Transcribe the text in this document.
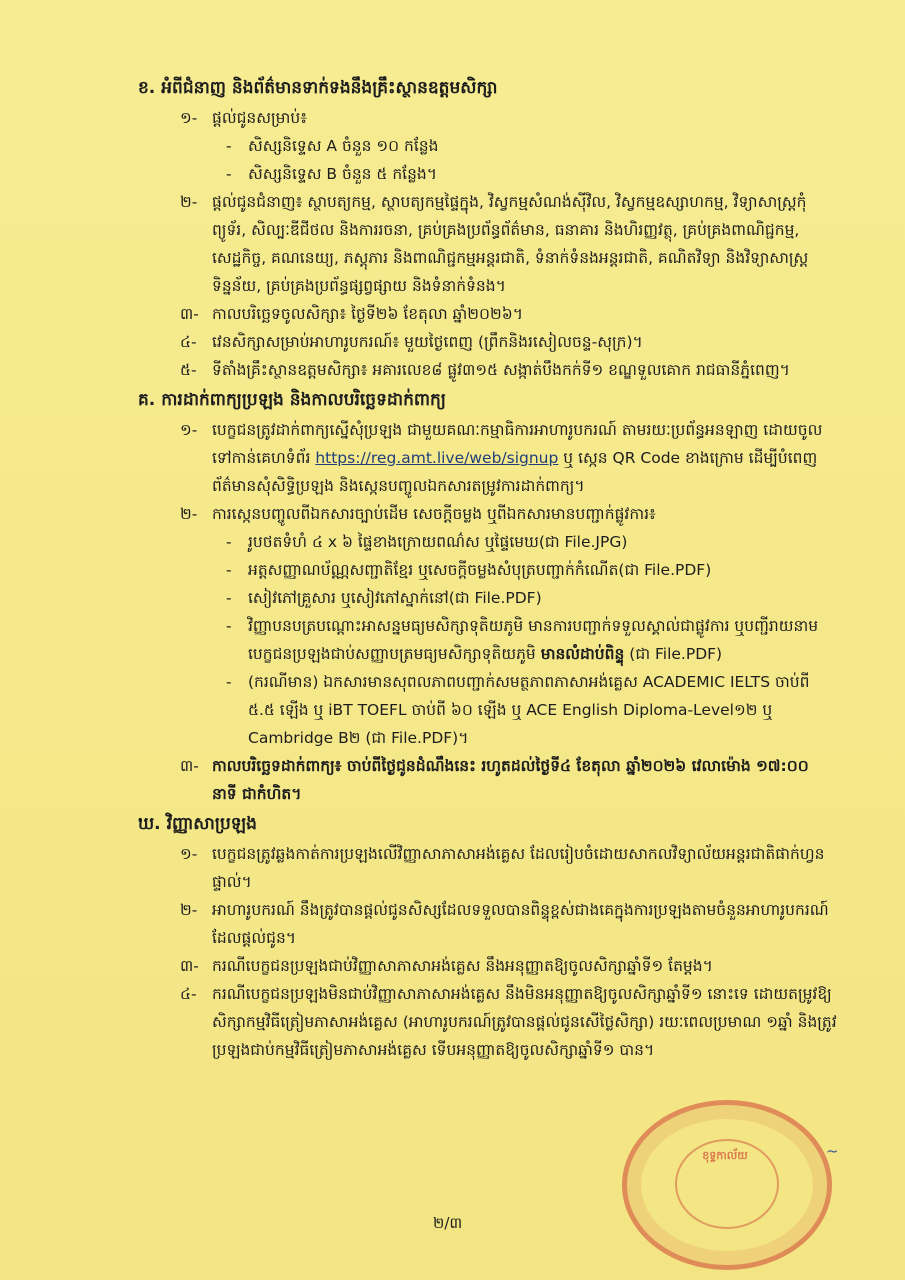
ខ. អំពីជំនាញ និងព័ត៌មានទាក់ទងនឹងគ្រឹះស្ថានឧត្តមសិក្សា
១- ផ្តល់ជូនសម្រាប់៖
-	សិស្សនិទ្ទេស A ចំនួន ១០ កន្លែង
-	សិស្សនិទ្ទេស B ចំនួន ៥ កន្លែង។
២- ផ្តល់ជូនជំនាញ៖ ស្ថាបត្យកម្ម, ស្ថាបត្យកម្មផ្ទៃក្នុង, វិស្វកម្មសំណង់ស៊ីវិល, វិស្វកម្មឧស្សាហកម្ម, វិទ្យាសាស្ត្រកុំព្យូទ័រ, សិល្បៈឌីជីថល និងការរចនា, គ្រប់គ្រងប្រព័ន្ធព័ត៌មាន, ធនាគារ និងហិរញ្ញវត្ថុ, គ្រប់គ្រងពាណិជ្ជកម្ម, សេដ្ឋកិច្ច, គណនេយ្យ, ភស្តុភារ និងពាណិជ្ជកម្មអន្តរជាតិ, ទំនាក់ទំនងអន្តរជាតិ, គណិតវិទ្យា និងវិទ្យាសាស្ត្រទិន្នន័យ, គ្រប់គ្រងប្រព័ន្ធផ្សព្វផ្សាយ និងទំនាក់ទំនង។
៣- កាលបរិច្ឆេទចូលសិក្សា៖ ថ្ងៃទី២៦ ខែតុលា ឆ្នាំ២០២៦។
៤- វេនសិក្សាសម្រាប់អាហារូបករណ៍៖ មួយថ្ងៃពេញ (ព្រឹកនិងរសៀលចន្ទ-សុក្រ)។
៥- ទីតាំងគ្រឹះស្ថានឧត្តមសិក្សា៖ អគារលេខ៨ ផ្លូវ៣១៥ សង្កាត់បឹងកក់ទី១ ខណ្ឌទួលគោក រាជធានីភ្នំពេញ។
គ. ការដាក់ពាក្យប្រឡង និងកាលបរិច្ឆេទដាក់ពាក្យ
១- បេក្ខជនត្រូវដាក់ពាក្យស្នើសុំប្រឡង ជាមួយគណៈកម្មាធិការអាហារូបករណ៍ តាមរយៈប្រព័ន្ធអនឡាញ ដោយចូលទៅកាន់គេហទំព័រ https://reg.amt.live/web/signup ឬ ស្កេន QR Code ខាងក្រោម ដើម្បីបំពេញព័ត៌មានសុំសិទ្ធិប្រឡង និងស្កេនបញ្ចូលឯកសារតម្រូវការដាក់ពាក្យ។
២- ការស្កេនបញ្ចូលពីឯកសារច្បាប់ដើម សេចក្តីចម្លង ឬពីឯកសារមានបញ្ជាក់ផ្លូវការ៖
-	រូបថតទំហំ ៤ x ៦ ផ្ទៃខាងក្រោយពណ៌ស ឬផ្ទៃមេឃ(ជា File.JPG)
-	អត្តសញ្ញាណប័ណ្ណសញ្ជាតិខ្មែរ ឬសេចក្តីចម្លងសំបុត្របញ្ជាក់កំណើត(ជា File.PDF)
-	សៀវភៅគ្រួសារ ឬសៀវភៅស្នាក់នៅ(ជា File.PDF)
-	វិញ្ញាបនបត្របណ្តោះអាសន្នមធ្យមសិក្សាទុតិយភូមិ មានការបញ្ជាក់ទទួលស្គាល់ជាផ្លូវការ ឬបញ្ជីរាយនាមបេក្ខជនប្រឡងជាប់សញ្ញាបត្រមធ្យមសិក្សាទុតិយភូមិ មានលំដាប់ពិន្ទុ (ជា File.PDF)
-	(ករណីមាន) ឯកសារមានសុពលភាពបញ្ជាក់សមត្ថភាពភាសាអង់គ្លេស ACADEMIC IELTS ចាប់ពី ៥.៥ ឡើង ឬ iBT TOEFL ចាប់ពី ៦០ ឡើង ឬ ACE English Diploma-Level១២ ឬ Cambridge B២ (ជា File.PDF)។
៣- កាលបរិច្ឆេទដាក់ពាក្យ៖ ចាប់ពីថ្ងៃជូនដំណឹងនេះ រហូតដល់ថ្ងៃទី៤ ខែតុលា ឆ្នាំ២០២៦ វេលាម៉ោង ១៧:០០ នាទី ជាកំហិត។
ឃ. វិញ្ញាសាប្រឡង
១- បេក្ខជនត្រូវឆ្លងកាត់ការប្រឡងលើវិញ្ញាសាភាសាអង់គ្លេស ដែលរៀបចំដោយសាកលវិទ្យាល័យអន្តរជាតិផាក់ហ្វនផ្ទាល់។
២- អាហារូបករណ៍ នឹងត្រូវបានផ្តល់ជូនសិស្សដែលទទួលបានពិន្ទុខ្ពស់ជាងគេក្នុងការប្រឡងតាមចំនួនអាហារូបករណ៍ដែលផ្តល់ជូន។
៣- ករណីបេក្ខជនប្រឡងជាប់វិញ្ញាសាភាសាអង់គ្លេស នឹងអនុញ្ញាតឱ្យចូលសិក្សាឆ្នាំទី១ តែម្តង។
៤- ករណីបេក្ខជនប្រឡងមិនជាប់វិញ្ញាសាភាសាអង់គ្លេស នឹងមិនអនុញ្ញាតឱ្យចូលសិក្សាឆ្នាំទី១ នោះទេ ដោយតម្រូវឱ្យសិក្សាកម្មវិធីត្រៀមភាសាអង់គ្លេស (អាហារូបករណ៍ត្រូវបានផ្តល់ជូនសើថ្លៃសិក្សា) រយៈពេលប្រមាណ ១ឆ្នាំ និងត្រូវប្រឡងជាប់កម្មវិធីត្រៀមភាសាអង់គ្លេស ទើបអនុញ្ញាតឱ្យចូលសិក្សាឆ្នាំទី១ បាន។
ខុទ្ទកាល័យ	~
២/៣
